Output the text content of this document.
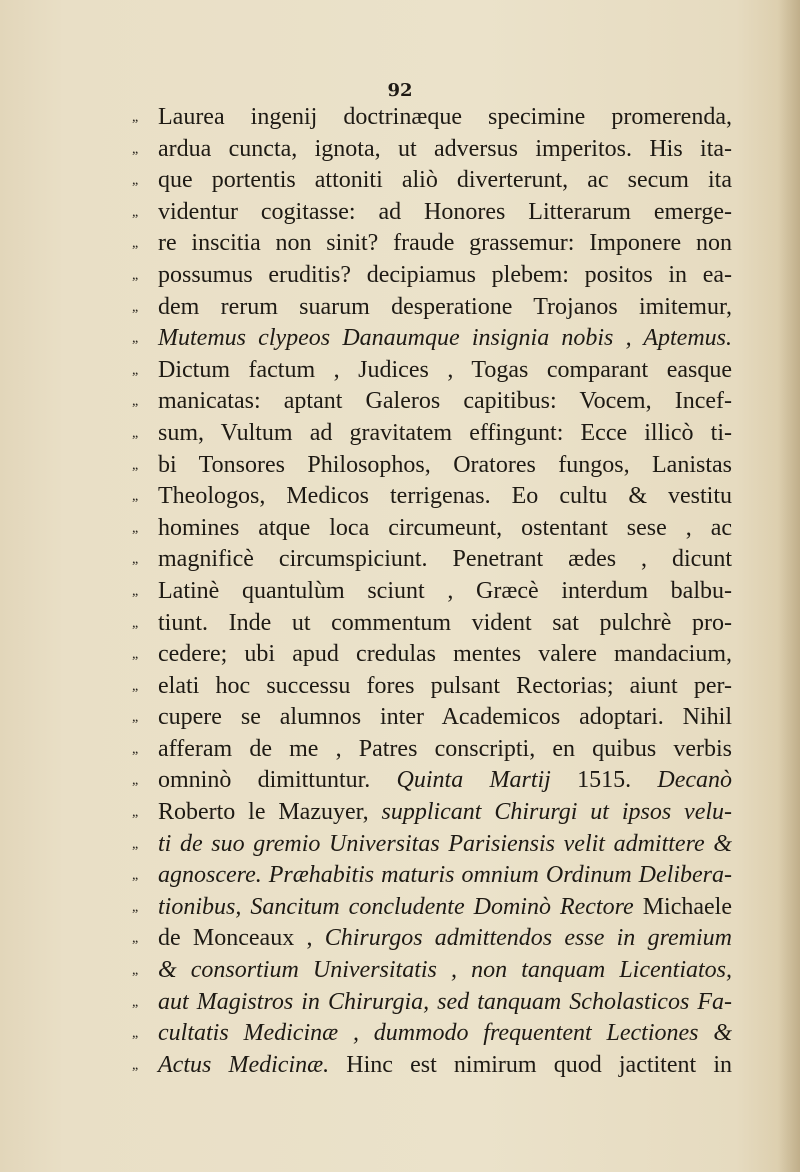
92
„ Laurea ingenij doctrinæque specimine promerenda,
„ ardua cuncta, ignota, ut adversus imperitos. His ita-
„ que portentis attoniti aliò diverterunt, ac secum ita
„ videntur cogitasse: ad Honores Litterarum emerge-
„ re inscitia non sinit? fraude grassemur: Imponere non
„ possumus eruditis? decipiamus plebem: positos in ea-
„ dem rerum suarum desperatione Trojanos imitemur,
„ Mutemus clypeos Danaumque insignia nobis , Aptemus.
„ Dictum factum , Judices , Togas comparant easque
„ manicatas: aptant Galeros capitibus: Vocem, Incef-
„ sum, Vultum ad gravitatem effingunt: Ecce illicò ti-
„ bi Tonsores Philosophos, Oratores fungos, Lanistas
„ Theologos, Medicos terrigenas. Eo cultu & vestitu
„ homines atque loca circumeunt, ostentant sese , ac
„ magnificè circumspiciunt. Penetrant ædes , dicunt
„ Latinè quantulùm sciunt , Græcè interdum balbu-
„ tiunt. Inde ut commentum vident sat pulchrè pro-
„ cedere; ubi apud credulas mentes valere mandacium,
„ elati hoc successu fores pulsant Rectorias; aiunt per-
„ cupere se alumnos inter Academicos adoptari. Nihil
„ afferam de me , Patres conscripti, en quibus verbis
„ omninò dimittuntur. Quinta Martij 1515. Decanò
„ Roberto le Mazuyer, supplicant Chirurgi ut ipsos velu-
„ ti de suo gremio Universitas Parisiensis velit admittere &
„ agnoscere. Præhabitis maturis omnium Ordinum Delibera-
„ tionibus, Sancitum concludente Dominò Rectore Michaele
„ de Monceaux , Chirurgos admittendos esse in gremium
„ & consortium Universitatis , non tanquam Licentiatos,
„ aut Magistros in Chirurgia, sed tanquam Scholasticos Fa-
„ cultatis Medicinæ , dummodo frequentent Lectiones &
„ Actus Medicinæ. Hinc est nimirum quod jactitent in
